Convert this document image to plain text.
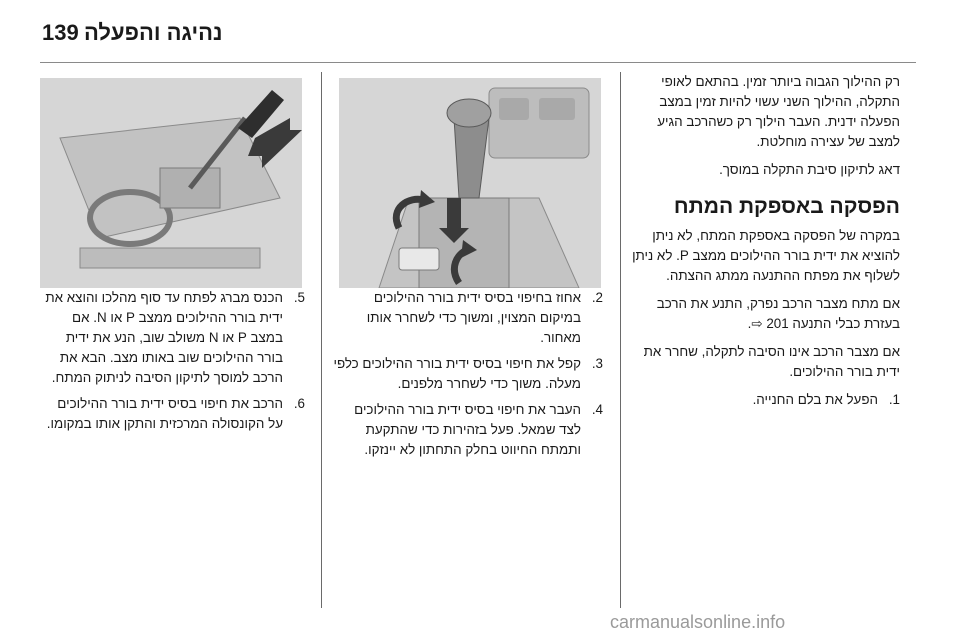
139 נהיגה והפעלה

רק ההילוך הגבוה ביותר זמין. בהתאם לאופי התקלה, ההילוך השני עשוי להיות זמין במצב הפעלה ידנית. העבר הילוך רק כשהרכב הגיע למצב של עצירה מוחלטת.

דאג לתיקון סיבת התקלה במוסך.

הפסקה באספקת המתח

במקרה של הפסקה באספקת המתח, לא ניתן להוציא את ידית בורר ההילוכים ממצב P. לא ניתן לשלוף את מפתח ההתנעה ממתג ההצתה.

אם מתח מצבר הרכב נפרק, התנע את הרכב בעזרת כבלי התנעה 201 ⇨.

אם מצבר הרכב אינו הסיבה לתקלה, שחרר את ידית בורר ההילוכים.

1.
הפעל את בלם החנייה.
2.
אחוז בחיפוי בסיס ידית בורר ההילוכים במיקום המצוין, ומשוך כדי לשחרר אותו מאחור.
3.
קפל את חיפוי בסיס ידית בורר ההילוכים כלפי מעלה. משוך כדי לשחרר מלפנים.
4.
העבר את חיפוי בסיס ידית בורר ההילוכים לצד שמאל. פעל בזהירות כדי שהתקעת ותמתח החיווט בחלק התחתון לא יינזקו.
5.
הכנס מברג לפתח עד סוף מהלכו והוצא את ידית בורר ההילוכים ממצב P או N. אם במצב P או N משולב שוב, הנע את ידית בורר ההילוכים שוב באותו מצב. הבא את הרכב למוסך לתיקון הסיבה לניתוק המתח.
6.
הרכב את חיפוי בסיס ידית בורר ההילוכים על הקונסולה המרכזית והתקן אותו במקומו.
carmanualsonline.info
